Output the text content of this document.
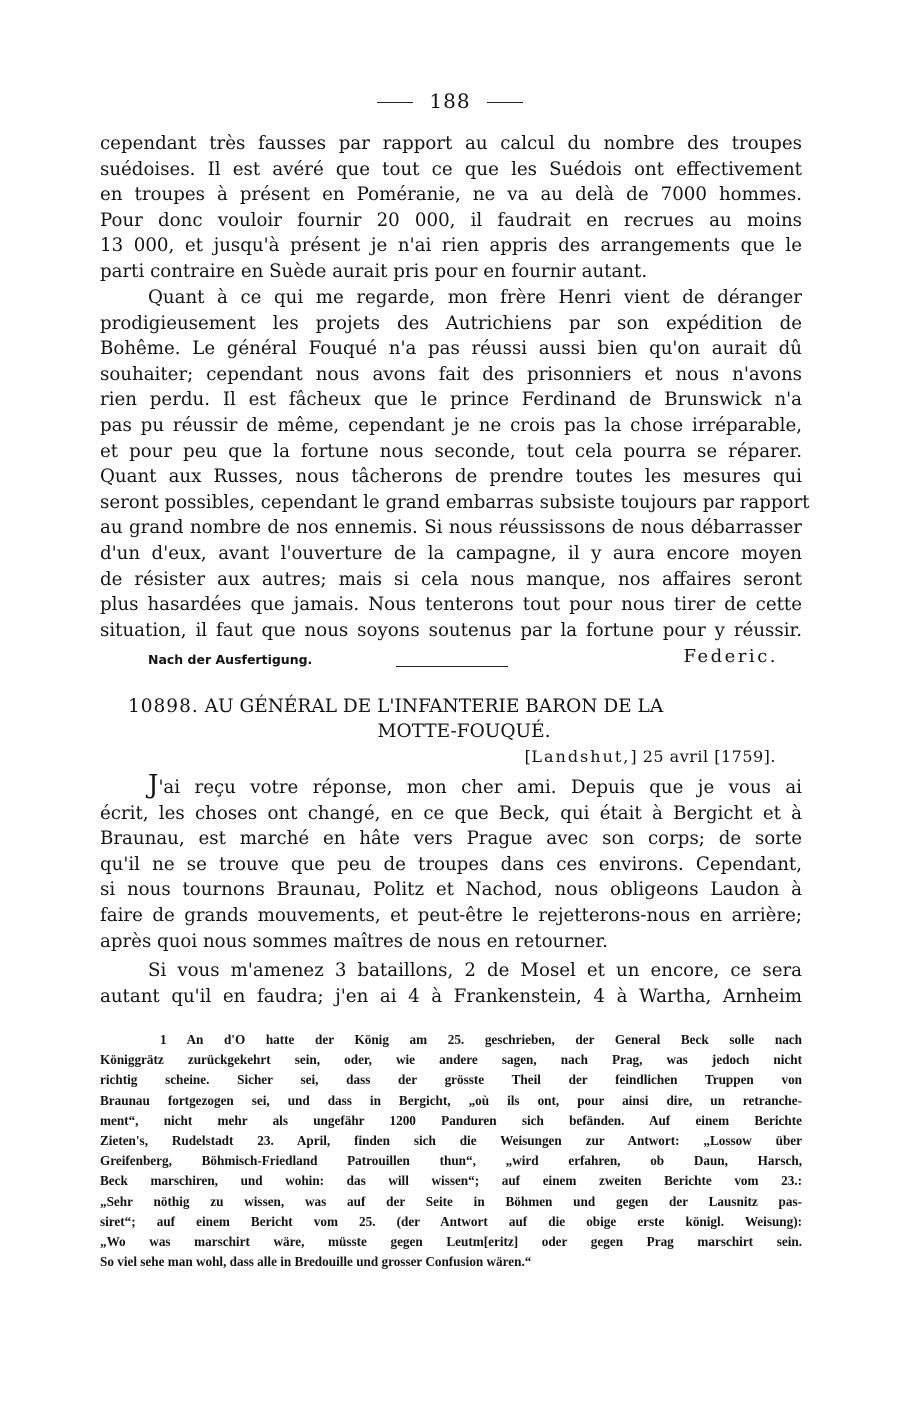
188
cependant très fausses par rapport au calcul du nombre des troupes
suédoises. Il est avéré que tout ce que les Suédois ont effectivement
en troupes à présent en Poméranie, ne va au delà de 7000 hommes.
Pour donc vouloir fournir 20 000, il faudrait en recrues au moins
13 000, et jusqu'à présent je n'ai rien appris des arrangements que le
parti contraire en Suède aurait pris pour en fournir autant.
Quant à ce qui me regarde, mon frère Henri vient de déranger
prodigieusement les projets des Autrichiens par son expédition de
Bohême. Le général Fouqué n'a pas réussi aussi bien qu'on aurait dû
souhaiter; cependant nous avons fait des prisonniers et nous n'avons
rien perdu. Il est fâcheux que le prince Ferdinand de Brunswick n'a
pas pu réussir de même, cependant je ne crois pas la chose irréparable,
et pour peu que la fortune nous seconde, tout cela pourra se réparer.
Quant aux Russes, nous tâcherons de prendre toutes les mesures qui
seront possibles, cependant le grand embarras subsiste toujours par rapport
au grand nombre de nos ennemis. Si nous réussissons de nous débarrasser
d'un d'eux, avant l'ouverture de la campagne, il y aura encore moyen
de résister aux autres; mais si cela nous manque, nos affaires seront
plus hasardées que jamais. Nous tenterons tout pour nous tirer de cette
situation, il faut que nous soyons soutenus par la fortune pour y réussir.
Nach der Ausfertigung.	Federic.
10898. AU GÉNÉRAL DE L'INFANTERIE BARON DE LA
MOTTE-FOUQUÉ.
[Landshut,] 25 avril [1759].
J'ai reçu votre réponse, mon cher ami. Depuis que je vous ai
écrit, les choses ont changé, en ce que Beck, qui était à Bergicht et à
Braunau, est marché en hâte vers Prague avec son corps; de sorte
qu'il ne se trouve que peu de troupes dans ces environs. Cependant,
si nous tournons Braunau, Politz et Nachod, nous obligeons Laudon à
faire de grands mouvements, et peut-être le rejetterons-nous en arrière;
après quoi nous sommes maîtres de nous en retourner.
Si vous m'amenez 3 bataillons, 2 de Mosel et un encore, ce sera
autant qu'il en faudra; j'en ai 4 à Frankenstein, 4 à Wartha, Arnheim
1 An d'O hatte der König am 25. geschrieben, der General Beck solle nach
Königgrätz zurückgekehrt sein, oder, wie andere sagen, nach Prag, was jedoch nicht
richtig scheine. Sicher sei, dass der grösste Theil der feindlichen Truppen von
Braunau fortgezogen sei, und dass in Bergicht, „où ils ont, pour ainsi dire, un retranche-
ment“, nicht mehr als ungefähr 1200 Panduren sich befänden. Auf einem Berichte
Zieten's, Rudelstadt 23. April, finden sich die Weisungen zur Antwort: „Lossow über
Greifenberg, Böhmisch-Friedland Patrouillen thun“, „wird erfahren, ob Daun, Harsch,
Beck marschiren, und wohin: das will wissen“; auf einem zweiten Berichte vom 23.:
„Sehr nöthig zu wissen, was auf der Seite in Böhmen und gegen der Lausnitz pas-
siret“; auf einem Bericht vom 25. (der Antwort auf die obige erste königl. Weisung):
„Wo was marschirt wäre, müsste gegen Leutm[eritz] oder gegen Prag marschirt sein.
So viel sehe man wohl, dass alle in Bredouille und grosser Confusion wären.“
